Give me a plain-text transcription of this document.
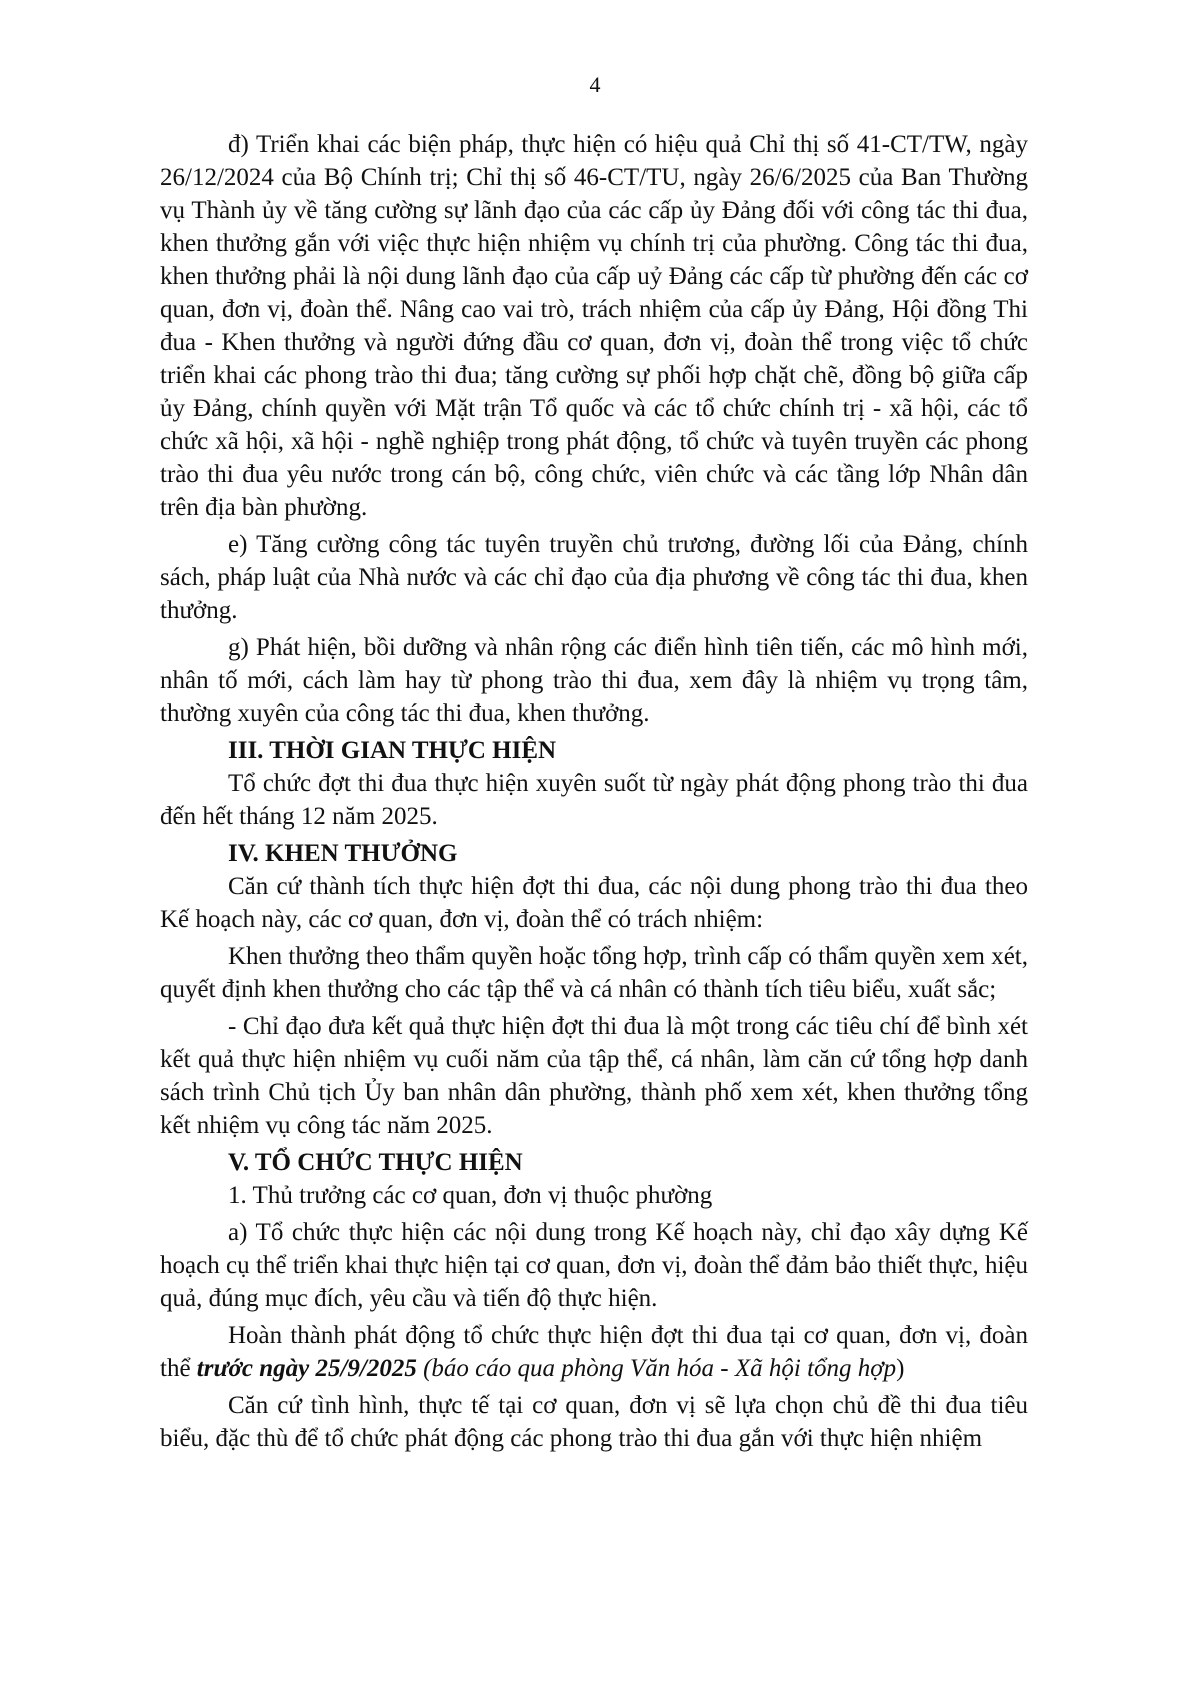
4

đ) Triển khai các biện pháp, thực hiện có hiệu quả Chỉ thị số 41-CT/TW, ngày 26/12/2024 của Bộ Chính trị; Chỉ thị số 46-CT/TU, ngày 26/6/2025 của Ban Thường vụ Thành ủy về tăng cường sự lãnh đạo của các cấp ủy Đảng đối với công tác thi đua, khen thưởng gắn với việc thực hiện nhiệm vụ chính trị của phường. Công tác thi đua, khen thưởng phải là nội dung lãnh đạo của cấp uỷ Đảng các cấp từ phường đến các cơ quan, đơn vị, đoàn thể. Nâng cao vai trò, trách nhiệm của cấp ủy Đảng, Hội đồng Thi đua - Khen thưởng và người đứng đầu cơ quan, đơn vị, đoàn thể trong việc tổ chức triển khai các phong trào thi đua; tăng cường sự phối hợp chặt chẽ, đồng bộ giữa cấp ủy Đảng, chính quyền với Mặt trận Tổ quốc và các tổ chức chính trị - xã hội, các tổ chức xã hội, xã hội - nghề nghiệp trong phát động, tổ chức và tuyên truyền các phong trào thi đua yêu nước trong cán bộ, công chức, viên chức và các tầng lớp Nhân dân trên địa bàn phường.

e) Tăng cường công tác tuyên truyền chủ trương, đường lối của Đảng, chính sách, pháp luật của Nhà nước và các chỉ đạo của địa phương về công tác thi đua, khen thưởng.

g) Phát hiện, bồi dưỡng và nhân rộng các điển hình tiên tiến, các mô hình mới, nhân tố mới, cách làm hay từ phong trào thi đua, xem đây là nhiệm vụ trọng tâm, thường xuyên của công tác thi đua, khen thưởng.

III. THỜI GIAN THỰC HIỆN

Tổ chức đợt thi đua thực hiện xuyên suốt từ ngày phát động phong trào thi đua đến hết tháng 12 năm 2025.

IV. KHEN THƯỞNG

Căn cứ thành tích thực hiện đợt thi đua, các nội dung phong trào thi đua theo Kế hoạch này, các cơ quan, đơn vị, đoàn thể có trách nhiệm:

Khen thưởng theo thẩm quyền hoặc tổng hợp, trình cấp có thẩm quyền xem xét, quyết định khen thưởng cho các tập thể và cá nhân có thành tích tiêu biểu, xuất sắc;

- Chỉ đạo đưa kết quả thực hiện đợt thi đua là một trong các tiêu chí để bình xét kết quả thực hiện nhiệm vụ cuối năm của tập thể, cá nhân, làm căn cứ tổng hợp danh sách trình Chủ tịch Ủy ban nhân dân phường, thành phố xem xét, khen thưởng tổng kết nhiệm vụ công tác năm 2025.

V. TỔ CHỨC THỰC HIỆN

1. Thủ trưởng các cơ quan, đơn vị thuộc phường

a) Tổ chức thực hiện các nội dung trong Kế hoạch này, chỉ đạo xây dựng Kế hoạch cụ thể triển khai thực hiện tại cơ quan, đơn vị, đoàn thể đảm bảo thiết thực, hiệu quả, đúng mục đích, yêu cầu và tiến độ thực hiện.

Hoàn thành phát động tổ chức thực hiện đợt thi đua tại cơ quan, đơn vị, đoàn thể trước ngày 25/9/2025 (báo cáo qua phòng Văn hóa - Xã hội tổng hợp)

Căn cứ tình hình, thực tế tại cơ quan, đơn vị sẽ lựa chọn chủ đề thi đua tiêu biểu, đặc thù để tổ chức phát động các phong trào thi đua gắn với thực hiện nhiệm
